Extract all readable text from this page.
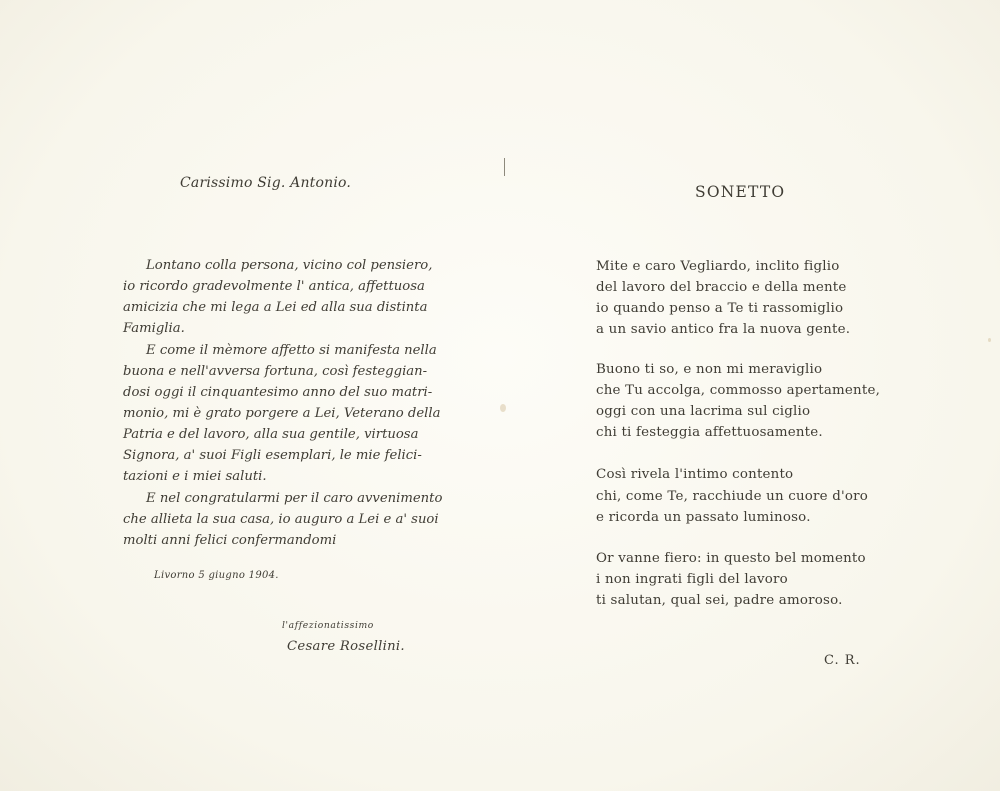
Carissimo Sig. Antonio.
Lontano colla persona, vicino col pensiero,
io ricordo gradevolmente l' antica, affettuosa
amicizia che mi lega a Lei ed alla sua distinta
Famiglia.
E come il mèmore affetto si manifesta nella
buona e nell'avversa fortuna, così festeggian-
dosi oggi il cinquantesimo anno del suo matri-
monio, mi è grato porgere a Lei, Veterano della
Patria e del lavoro, alla sua gentile, virtuosa
Signora, a' suoi Figli esemplari, le mie felici-
tazioni e i miei saluti.
E nel congratularmi per il caro avvenimento
che allieta la sua casa, io auguro a Lei e a' suoi
molti anni felici confermandomi
Livorno 5 giugno 1904.
l'affezionatissimo
Cesare Rosellini.
SONETTO
Mite e caro Vegliardo, inclito figlio
del lavoro del braccio e della mente
io quando penso a Te ti rassomiglio
a un savio antico fra la nuova gente.
Buono ti so, e non mi meraviglio
che Tu accolga, commosso apertamente,
oggi con una lacrima sul ciglio
chi ti festeggia affettuosamente.
Così rivela l'intimo contento
chi, come Te, racchiude un cuore d'oro
e ricorda un passato luminoso.
Or vanne fiero: in questo bel momento
i non ingrati figli del lavoro
ti salutan, qual sei, padre amoroso.
C. R.
